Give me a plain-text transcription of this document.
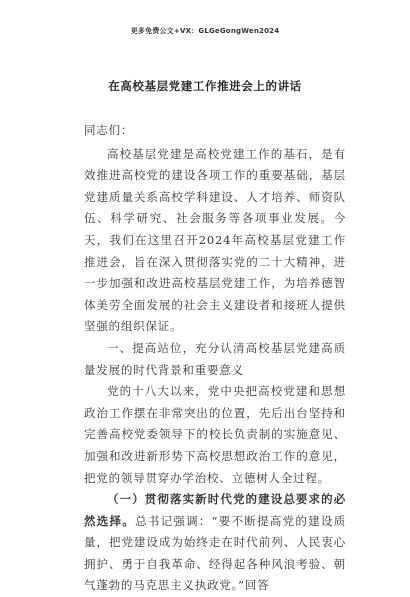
更多免费公文+VX：GLGeGongWen2024
在高校基层党建工作推进会上的讲话

同志们：

高校基层党建是高校党建工作的基石，是有效推进高校党的建设各项工作的重要基础，基层党建质量关系高校学科建设、人才培养、师资队伍、科学研究、社会服务等各项事业发展。今天，我们在这里召开2024年高校基层党建工作推进会，旨在深入贯彻落实党的二十大精神，进一步加强和改进高校基层党建工作，为培养德智体美劳全面发展的社会主义建设者和接班人提供坚强的组织保证。

一、提高站位，充分认清高校基层党建高质量发展的时代背景和重要意义

党的十八大以来，党中央把高校党建和思想政治工作摆在非常突出的位置，先后出台坚持和完善高校党委领导下的校长负责制的实施意见、加强和改进新形势下高校思想政治工作的意见，把党的领导贯穿办学治校、立德树人全过程。

（一）贯彻落实新时代党的建设总要求的必然选择。总书记强调：“要不断提高党的建设质量，把党建设成为始终走在时代前列、人民衷心拥护、勇于自我革命、经得起各种风浪考验、朝气蓬勃的马克思主义执政党。”回答
